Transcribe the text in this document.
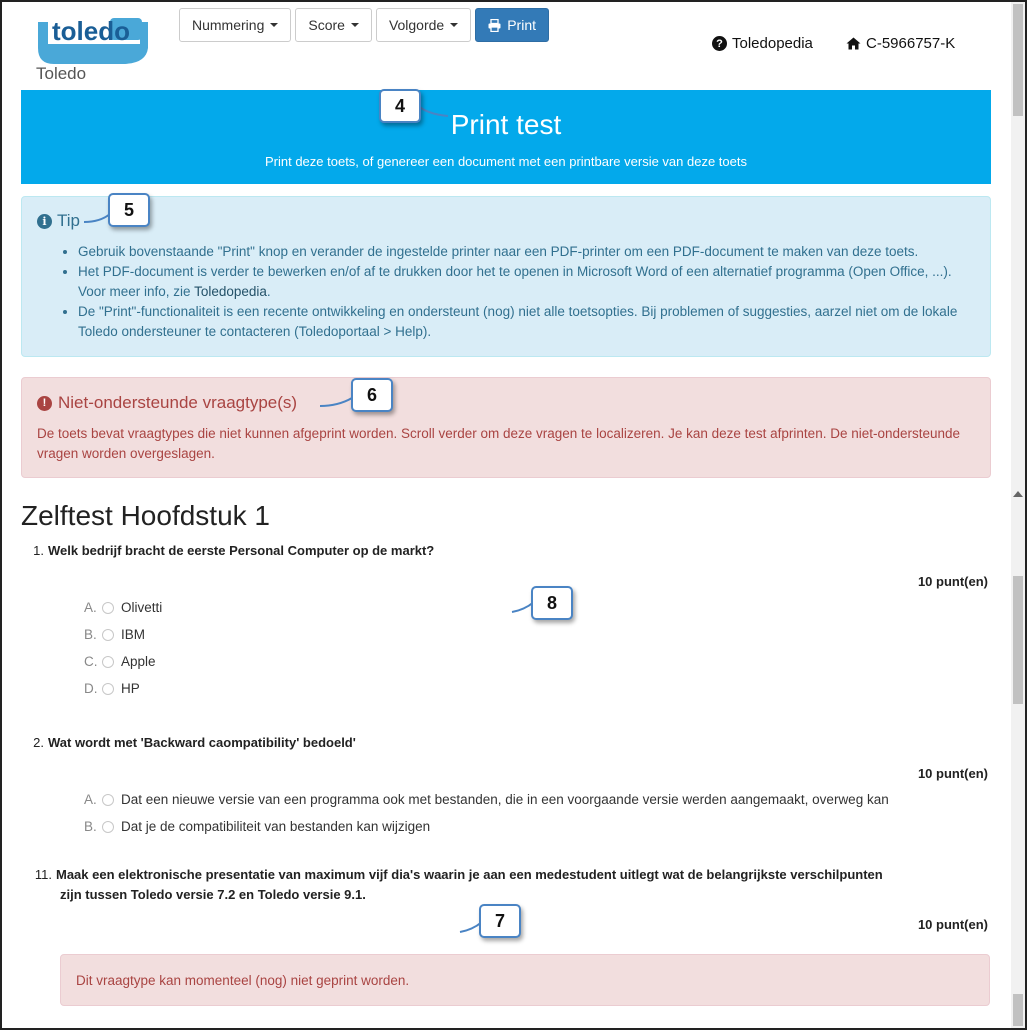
toledo
Toledo
Nummering	Score	Volgorde	Print
? Toledopedia	C-5966757-K
Print test

Print deze toets, of genereer een document met een printbare versie van deze toets

i Tip
• Gebruik bovenstaande "Print" knop en verander de ingestelde printer naar een PDF-printer om een PDF-document te maken van deze toets.
• Het PDF-document is verder te bewerken en/of af te drukken door het te openen in Microsoft Word of een alternatief programma (Open Office, ...). Voor meer info, zie Toledopedia.
• De "Print"-functionaliteit is een recente ontwikkeling en ondersteunt (nog) niet alle toetsopties. Bij problemen of suggesties, aarzel niet om de lokale Toledo ondersteuner te contacteren (Toledoportaal > Help).
! Niet-ondersteunde vraagtype(s)
De toets bevat vraagtypes die niet kunnen afgeprint worden. Scroll verder om deze vragen te localizeren. Je kan deze test afprinten. De niet-ondersteunde vragen worden overgeslagen.
Zelftest Hoofdstuk 1
1. Welk bedrijf bracht de eerste Personal Computer op de markt?
10 punt(en)
A. Olivetti
B. IBM
C. Apple
D. HP
2. Wat wordt met 'Backward caompatibility' bedoeld'
10 punt(en)
A. Dat een nieuwe versie van een programma ook met bestanden, die in een voorgaande versie werden aangemaakt, overweg kan
B. Dat je de compatibiliteit van bestanden kan wijzigen
11. Maak een elektronische presentatie van maximum vijf dia's waarin je aan een medestudent uitlegt wat de belangrijkste verschilpunten
zijn tussen Toledo versie 7.2 en Toledo versie 9.1.
10 punt(en)
Dit vraagtype kan momenteel (nog) niet geprint worden.
4
5
6
7
8
